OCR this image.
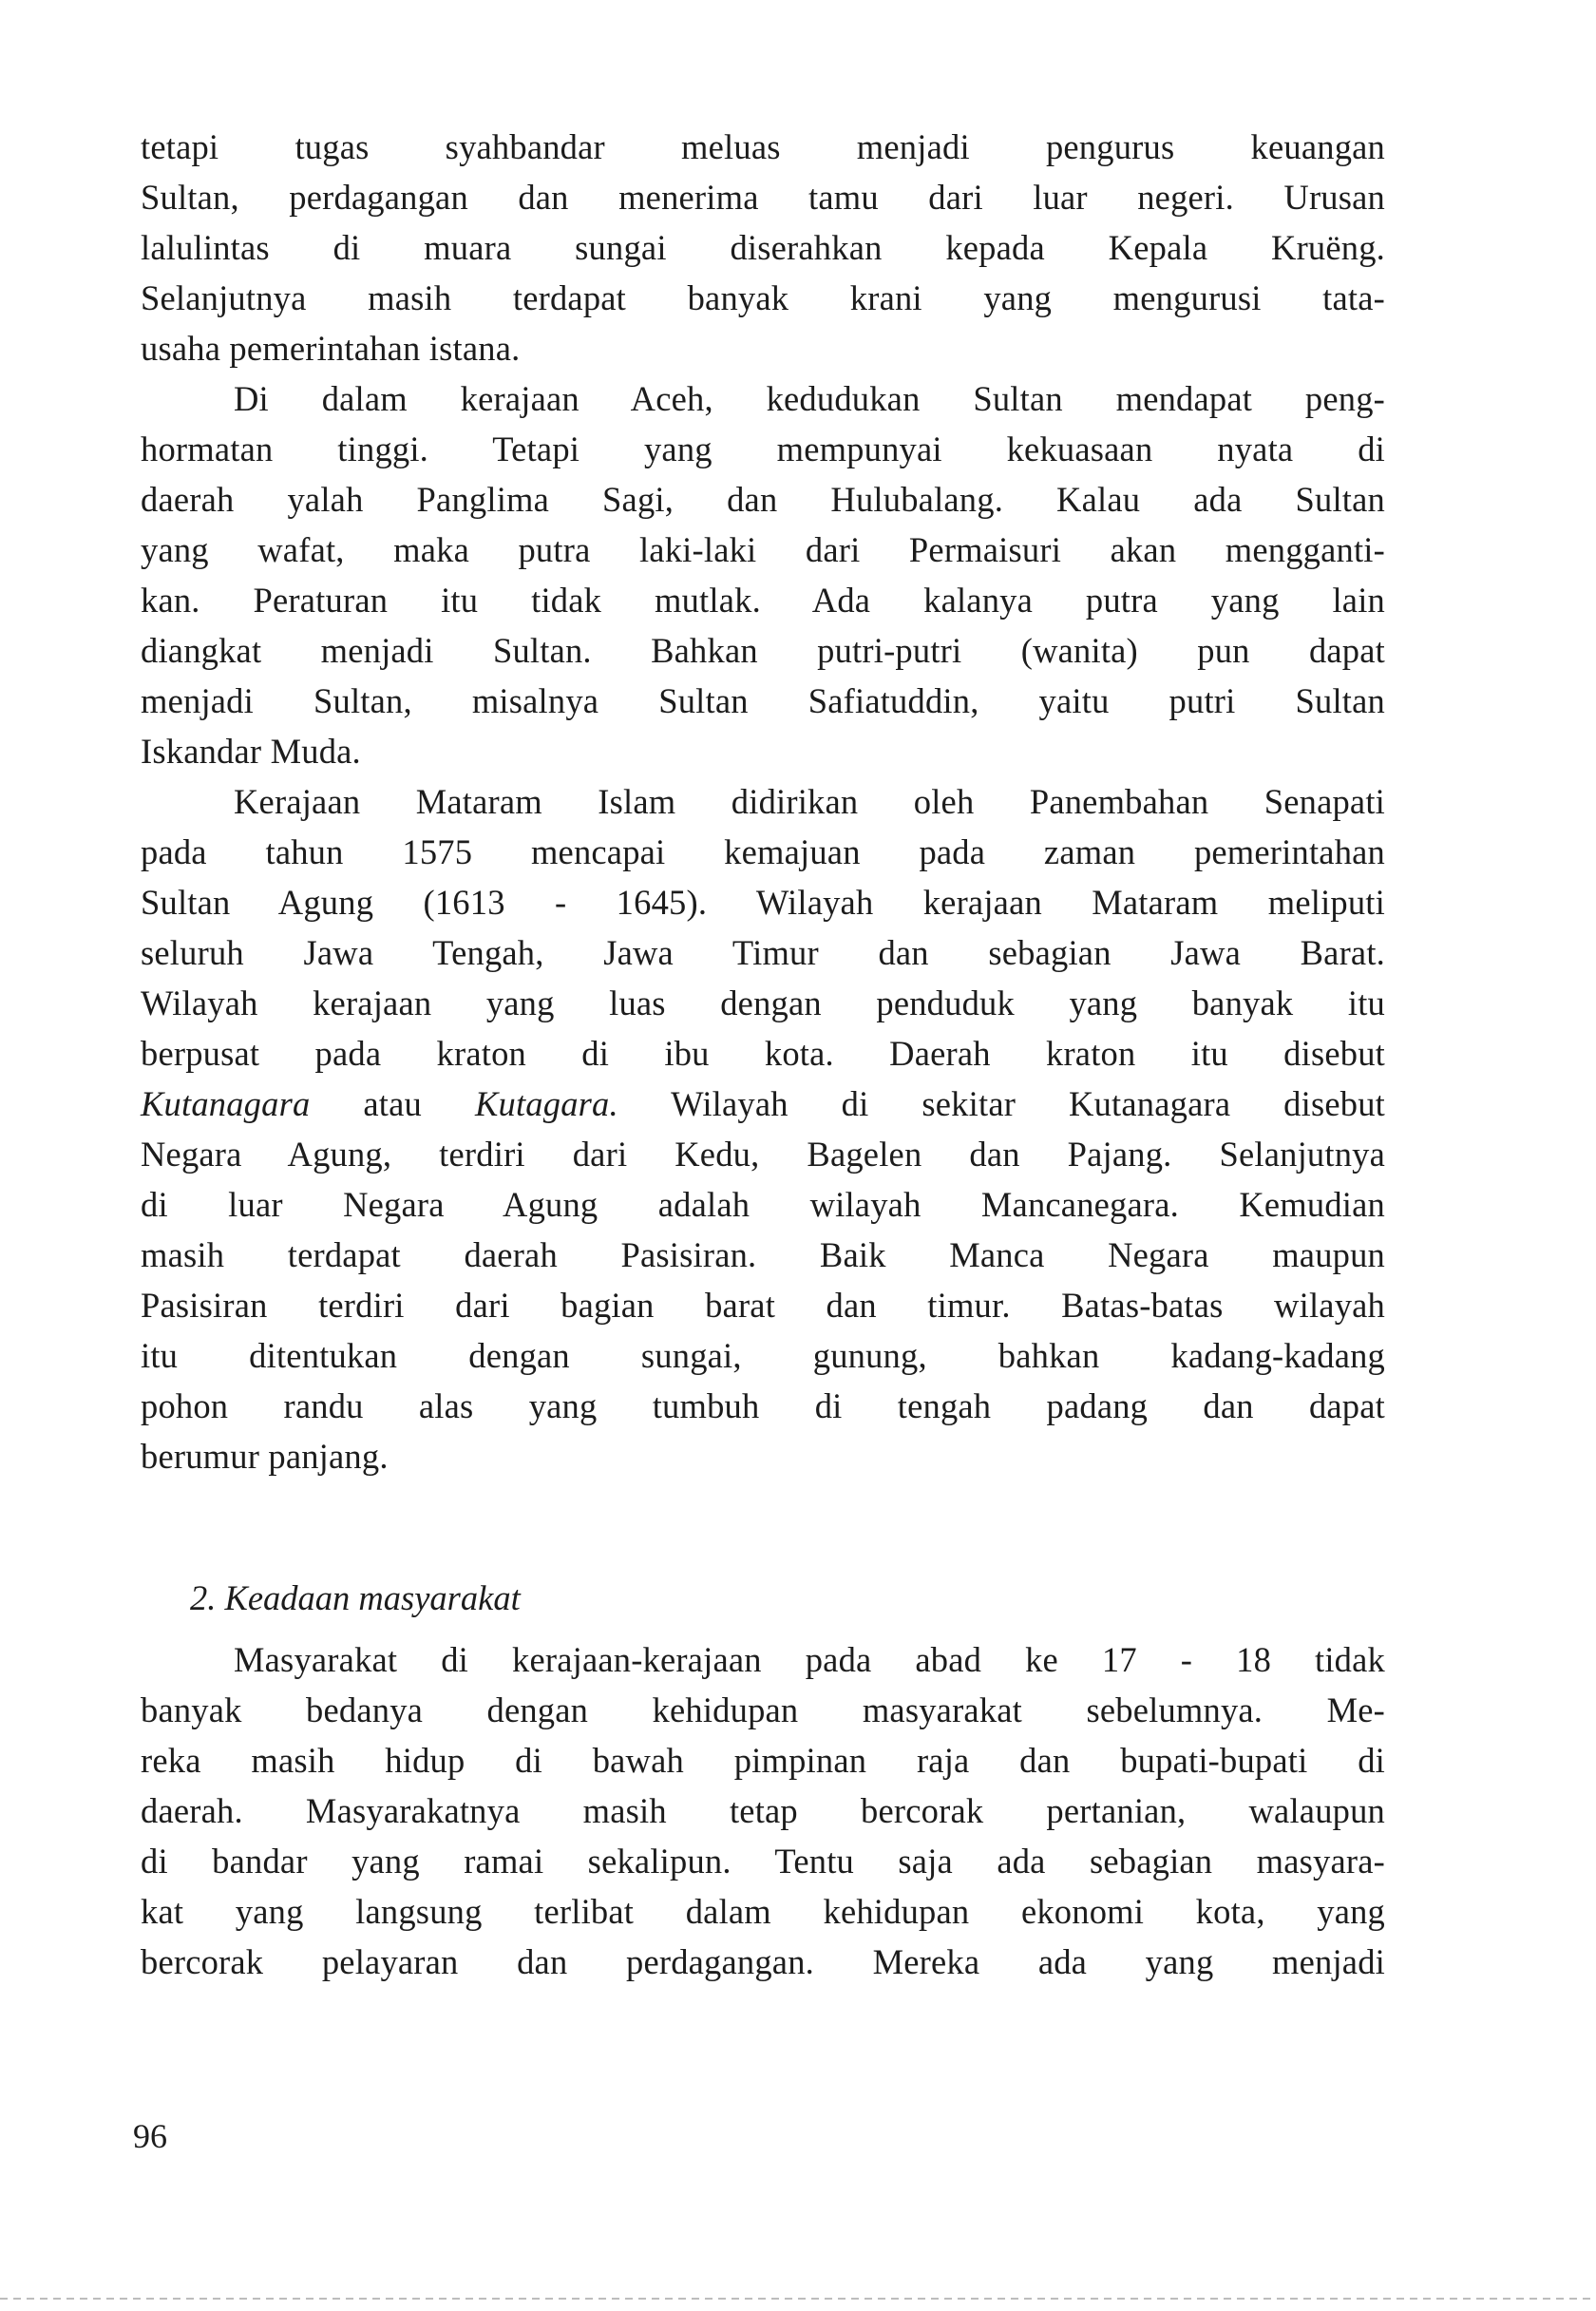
tetapi tugas syahbandar meluas menjadi pengurus keuangan
Sultan, perdagangan dan menerima tamu dari luar negeri. Urusan
lalulintas di muara sungai diserahkan kepada Kepala Kruëng.
Selanjutnya masih terdapat banyak krani yang mengurusi tata-
usaha pemerintahan istana.
Di dalam kerajaan Aceh, kedudukan Sultan mendapat peng-
hormatan tinggi. Tetapi yang mempunyai kekuasaan nyata di
daerah yalah Panglima Sagi, dan Hulubalang. Kalau ada Sultan
yang wafat, maka putra laki-laki dari Permaisuri akan mengganti-
kan. Peraturan itu tidak mutlak. Ada kalanya putra yang lain
diangkat menjadi Sultan. Bahkan putri-putri (wanita) pun dapat
menjadi Sultan, misalnya Sultan Safiatuddin, yaitu putri Sultan
Iskandar Muda.
Kerajaan Mataram Islam didirikan oleh Panembahan Senapati
pada tahun 1575 mencapai kemajuan pada zaman pemerintahan
Sultan Agung (1613 - 1645). Wilayah kerajaan Mataram meliputi
seluruh Jawa Tengah, Jawa Timur dan sebagian Jawa Barat.
Wilayah kerajaan yang luas dengan penduduk yang banyak itu
berpusat pada kraton di ibu kota. Daerah kraton itu disebut
Kutanagara atau Kutagara. Wilayah di sekitar Kutanagara disebut
Negara Agung, terdiri dari Kedu, Bagelen dan Pajang. Selanjutnya
di luar Negara Agung adalah wilayah Mancanegara. Kemudian
masih terdapat daerah Pasisiran. Baik Manca Negara maupun
Pasisiran terdiri dari bagian barat dan timur. Batas-batas wilayah
itu ditentukan dengan sungai, gunung, bahkan kadang-kadang
pohon randu alas yang tumbuh di tengah padang dan dapat
berumur panjang.
2. Keadaan masyarakat
Masyarakat di kerajaan-kerajaan pada abad ke 17 - 18 tidak
banyak bedanya dengan kehidupan masyarakat sebelumnya. Me-
reka masih hidup di bawah pimpinan raja dan bupati-bupati di
daerah. Masyarakatnya masih tetap bercorak pertanian, walaupun
di bandar yang ramai sekalipun. Tentu saja ada sebagian masyara-
kat yang langsung terlibat dalam kehidupan ekonomi kota, yang
bercorak pelayaran dan perdagangan. Mereka ada yang menjadi
96
